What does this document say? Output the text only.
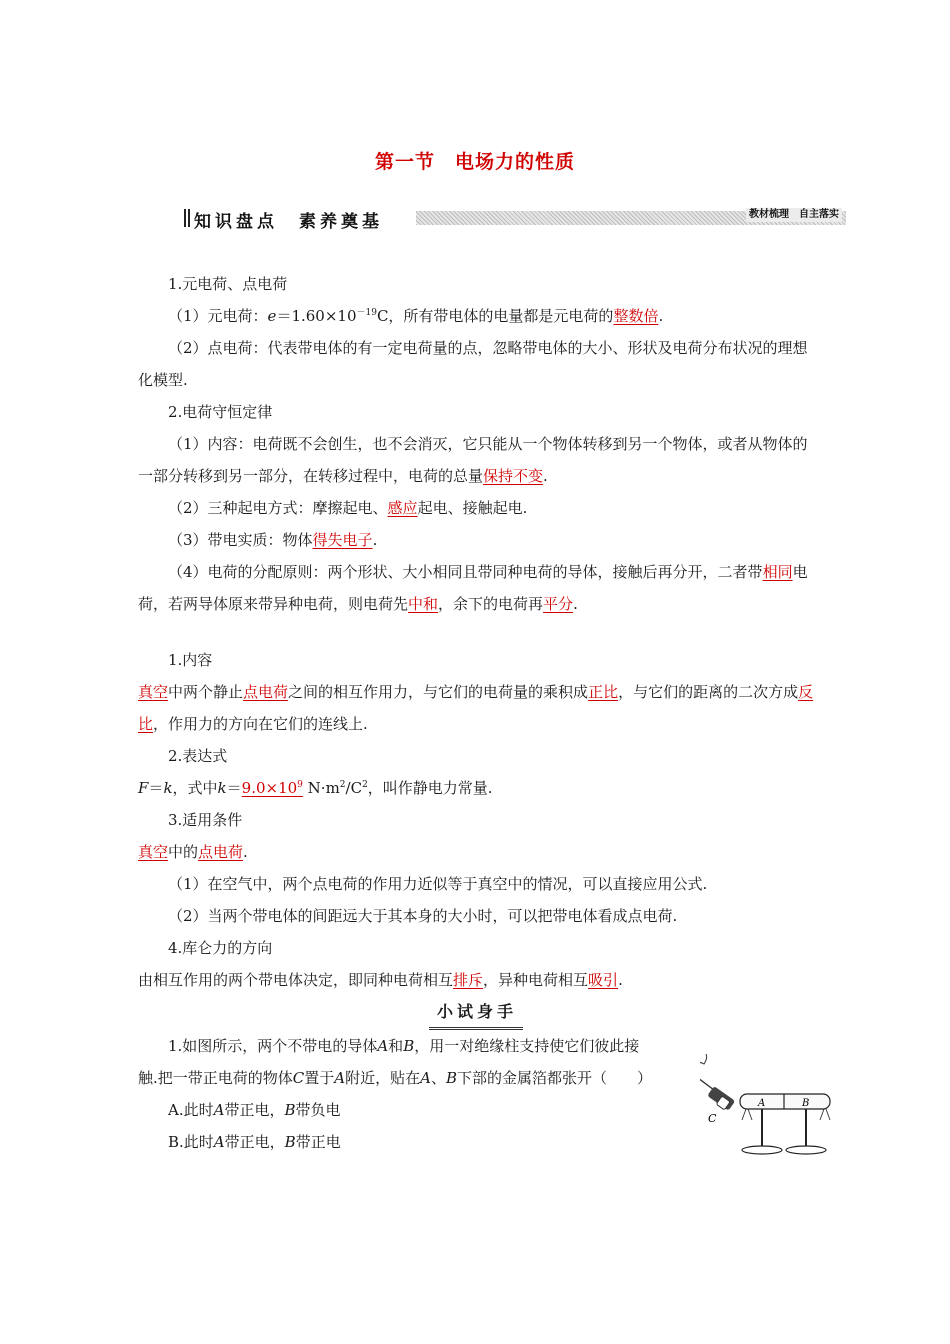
第一节　电场力的性质
知识盘点　素养奠基	教材梳理　自主落实

1.元电荷、点电荷

（1）元电荷：$e=1.60\times 10^{-19}C$，所有带电体的电量都是元电荷的整数倍.

（2）点电荷：代表带电体的有一定电荷量的点，忽略带电体的大小、形状及电荷分布状况的理想化模型.

2.电荷守恒定律

（1）内容：电荷既不会创生，也不会消灭，它只能从一个物体转移到另一个物体，或者从物体的一部分转移到另一部分，在转移过程中，电荷的总量保持不变.

（2）三种起电方式：摩擦起电、感应起电、接触起电.

（3）带电实质：物体得失电子.

（4）电荷的分配原则：两个形状、大小相同且带同种电荷的导体，接触后再分开，二者带相同电荷，若两导体原来带异种电荷，则电荷先中和，余下的电荷再平分.

1.内容

真空中两个静止点电荷之间的相互作用力，与它们的电荷量的乘积成正比，与它们的距离的二次方成反比，作用力的方向在它们的连线上.

2.表达式

F＝k，式中$k=9.0\times 10^9$ $N\cdot m^2/C^2$，叫作静电力常量.

3.适用条件

真空中的点电荷.

（1）在空气中，两个点电荷的作用力近似等于真空中的情况，可以直接应用公式.

（2）当两个带电体的间距远大于其本身的大小时，可以把带电体看成点电荷.

4.库仑力的方向

由相互作用的两个带电体决定，即同种电荷相互排斥，异种电荷相互吸引.

小试身手

1.如图所示，两个不带电的导体A和B，用一对绝缘柱支持使它们彼此接触.把一带正电荷的物体C置于A附近，贴在A、B下部的金属箔都张开（　　）

A.此时A带正电，B带负电

B.此时A带正电，B带正电

C
A	B
